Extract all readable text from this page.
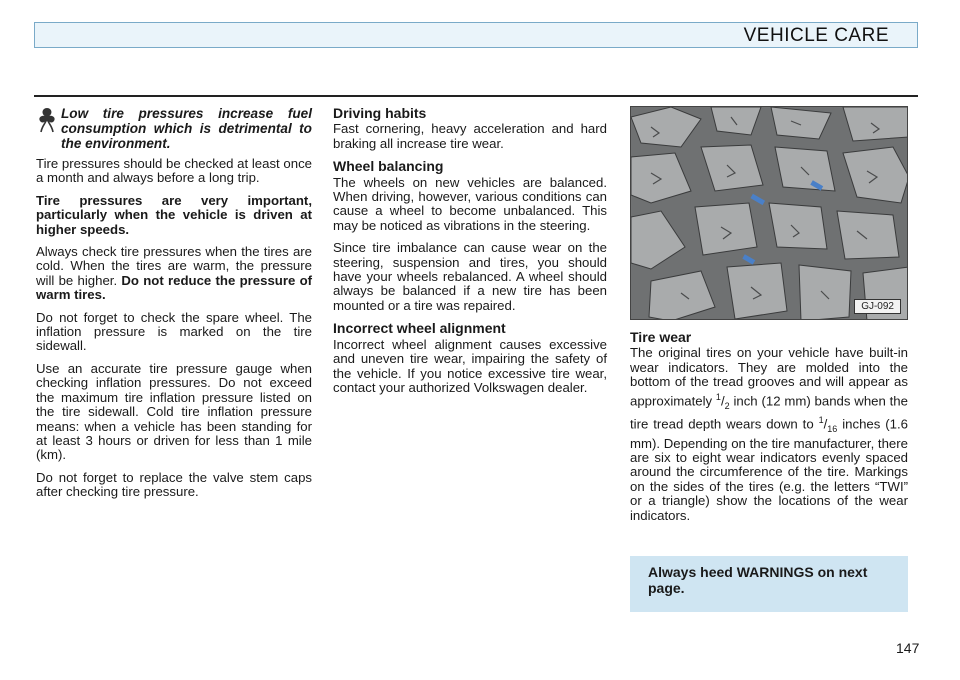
VEHICLE CARE
Low tire pressures increase fuel consumption which is detrimental to the environment.

Tire pressures should be checked at least once a month and always before a long trip.

Tire pressures are very important, particularly when the vehicle is driven at higher speeds.

Always check tire pressures when the tires are cold. When the tires are warm, the pressure will be higher. Do not reduce the pressure of warm tires.

Do not forget to check the spare wheel. The inflation pressure is marked on the tire sidewall.

Use an accurate tire pressure gauge when checking inflation pressures. Do not exceed the maximum tire inflation pressure listed on the tire sidewall. Cold tire inflation pressure means: when a vehicle has been standing for at least 3 hours or driven for less than 1 mile (km).

Do not forget to replace the valve stem caps after checking tire pressure.

Driving habits

Fast cornering, heavy acceleration and hard braking all increase tire wear.

Wheel balancing

The wheels on new vehicles are balanced. When driving, however, various conditions can cause a wheel to become unbalanced. This may be noticed as vibrations in the steering.

Since tire imbalance can cause wear on the steering, suspension and tires, you should have your wheels rebalanced. A wheel should always be balanced if a new tire has been mounted or a tire was repaired.

Incorrect wheel alignment

Incorrect wheel alignment causes excessive and uneven tire wear, impairing the safety of the vehicle. If you notice excessive tire wear, contact your authorized Volkswagen dealer.

GJ-092
Tire wear

The original tires on your vehicle have built-in wear indicators. They are molded into the bottom of the tread grooves and will appear as approximately $^1/_2$ inch (12 mm) bands when the tire tread depth wears down to $^1/_{16}$ inches (1.6 mm). Depending on the tire manufacturer, there are six to eight wear indicators evenly spaced around the circumference of the tire. Markings on the sides of the tires (e.g. the letters “TWI” or a triangle) show the locations of the wear indicators.

Always heed WARNINGS on next page.
147
